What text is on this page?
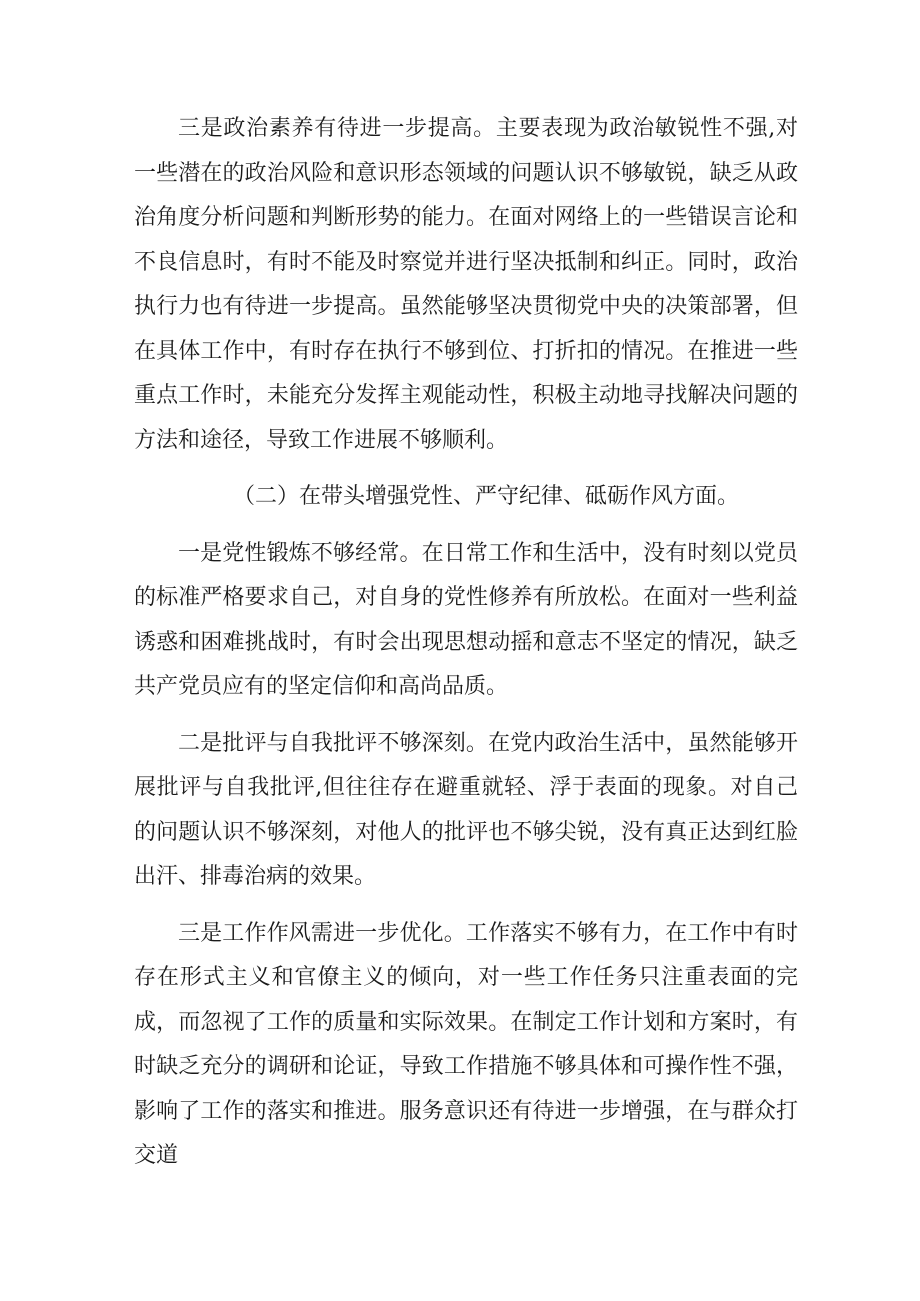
三是政治素养有待进一步提高。主要表现为政治敏锐性不强,对一些潜在的政治风险和意识形态领域的问题认识不够敏锐，缺乏从政治角度分析问题和判断形势的能力。在面对网络上的一些错误言论和不良信息时，有时不能及时察觉并进行坚决抵制和纠正。同时，政治执行力也有待进一步提高。虽然能够坚决贯彻党中央的决策部署，但在具体工作中，有时存在执行不够到位、打折扣的情况。在推进一些重点工作时，未能充分发挥主观能动性，积极主动地寻找解决问题的方法和途径，导致工作进展不够顺利。

（二）在带头增强党性、严守纪律、砥砺作风方面。

一是党性锻炼不够经常。在日常工作和生活中，没有时刻以党员的标准严格要求自己，对自身的党性修养有所放松。在面对一些利益诱惑和困难挑战时，有时会出现思想动摇和意志不坚定的情况，缺乏共产党员应有的坚定信仰和高尚品质。

二是批评与自我批评不够深刻。在党内政治生活中，虽然能够开展批评与自我批评,但往往存在避重就轻、浮于表面的现象。对自己的问题认识不够深刻，对他人的批评也不够尖锐，没有真正达到红脸出汗、排毒治病的效果。

三是工作作风需进一步优化。工作落实不够有力，在工作中有时存在形式主义和官僚主义的倾向，对一些工作任务只注重表面的完成，而忽视了工作的质量和实际效果。在制定工作计划和方案时，有时缺乏充分的调研和论证，导致工作措施不够具体和可操作性不强，影响了工作的落实和推进。服务意识还有待进一步增强，在与群众打交道
